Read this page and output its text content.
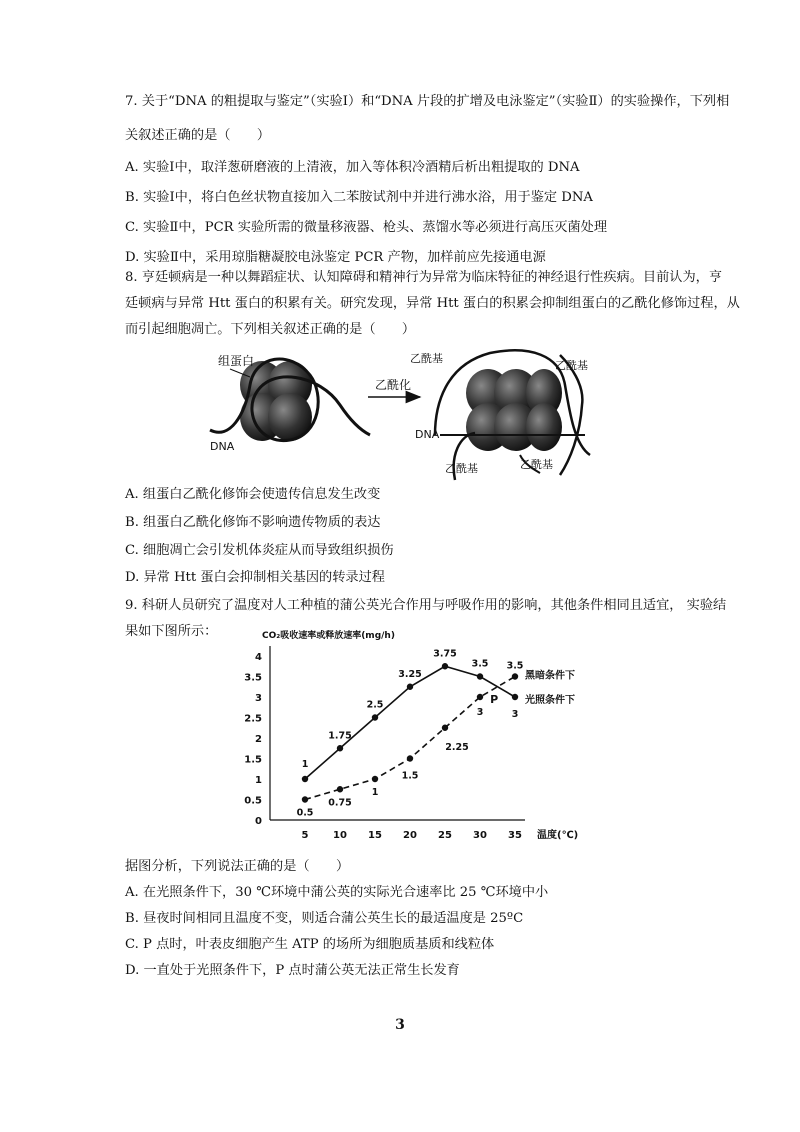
7. 关于“DNA 的粗提取与鉴定”（实验Ⅰ）和“DNA 片段的扩增及电泳鉴定”（实验Ⅱ）的实验操作，下列相
关叙述正确的是（　　）
A. 实验Ⅰ中，取洋葱研磨液的上清液，加入等体积冷酒精后析出粗提取的 DNA
B. 实验Ⅰ中，将白色丝状物直接加入二苯胺试剂中并进行沸水浴，用于鉴定 DNA
C. 实验Ⅱ中，PCR 实验所需的微量移液器、枪头、蒸馏水等必须进行高压灭菌处理
D. 实验Ⅱ中，采用琼脂糖凝胶电泳鉴定 PCR 产物，加样前应先接通电源
8. 亨廷顿病是一种以舞蹈症状、认知障碍和精神行为异常为临床特征的神经退行性疾病。目前认为，亨
廷顿病与异常 Htt 蛋白的积累有关。研究发现，异常 Htt 蛋白的积累会抑制组蛋白的乙酰化修饰过程，从
而引起细胞凋亡。下列相关叙述正确的是（　　）
组蛋白
DNA
乙酰化
乙酰基
乙酰基
DNA
乙酰基	乙酰基
A. 组蛋白乙酰化修饰会使遗传信息发生改变
B. 组蛋白乙酰化修饰不影响遗传物质的表达
C. 细胞凋亡会引发机体炎症从而导致组织损伤
D. 异常 Htt 蛋白会抑制相关基因的转录过程
9. 科研人员研究了温度对人工种植的蒲公英光合作用与呼吸作用的影响，其他条件相同且适宜， 实验结
果如下图所示：
0
0.5
1
1.5
2
2.5
3
3.5
4
5 10 15 20 25 30 35
CO₂吸收速率或释放速率(mg/h)
温度(℃)
1
1.75
2.5
3.25
3.75
3.5
3
光照条件下
0.5
0.75
1
1.5
2.25
3
3.5
黑暗条件下
P
据图分析，下列说法正确的是（　　）
A. 在光照条件下，30 ℃环境中蒲公英的实际光合速率比 25 ℃环境中小
B. 昼夜时间相同且温度不变，则适合蒲公英生长的最适温度是 25ºC
C. P 点时，叶表皮细胞产生 ATP 的场所为细胞质基质和线粒体
D. 一直处于光照条件下，P 点时蒲公英无法正常生长发育
3
